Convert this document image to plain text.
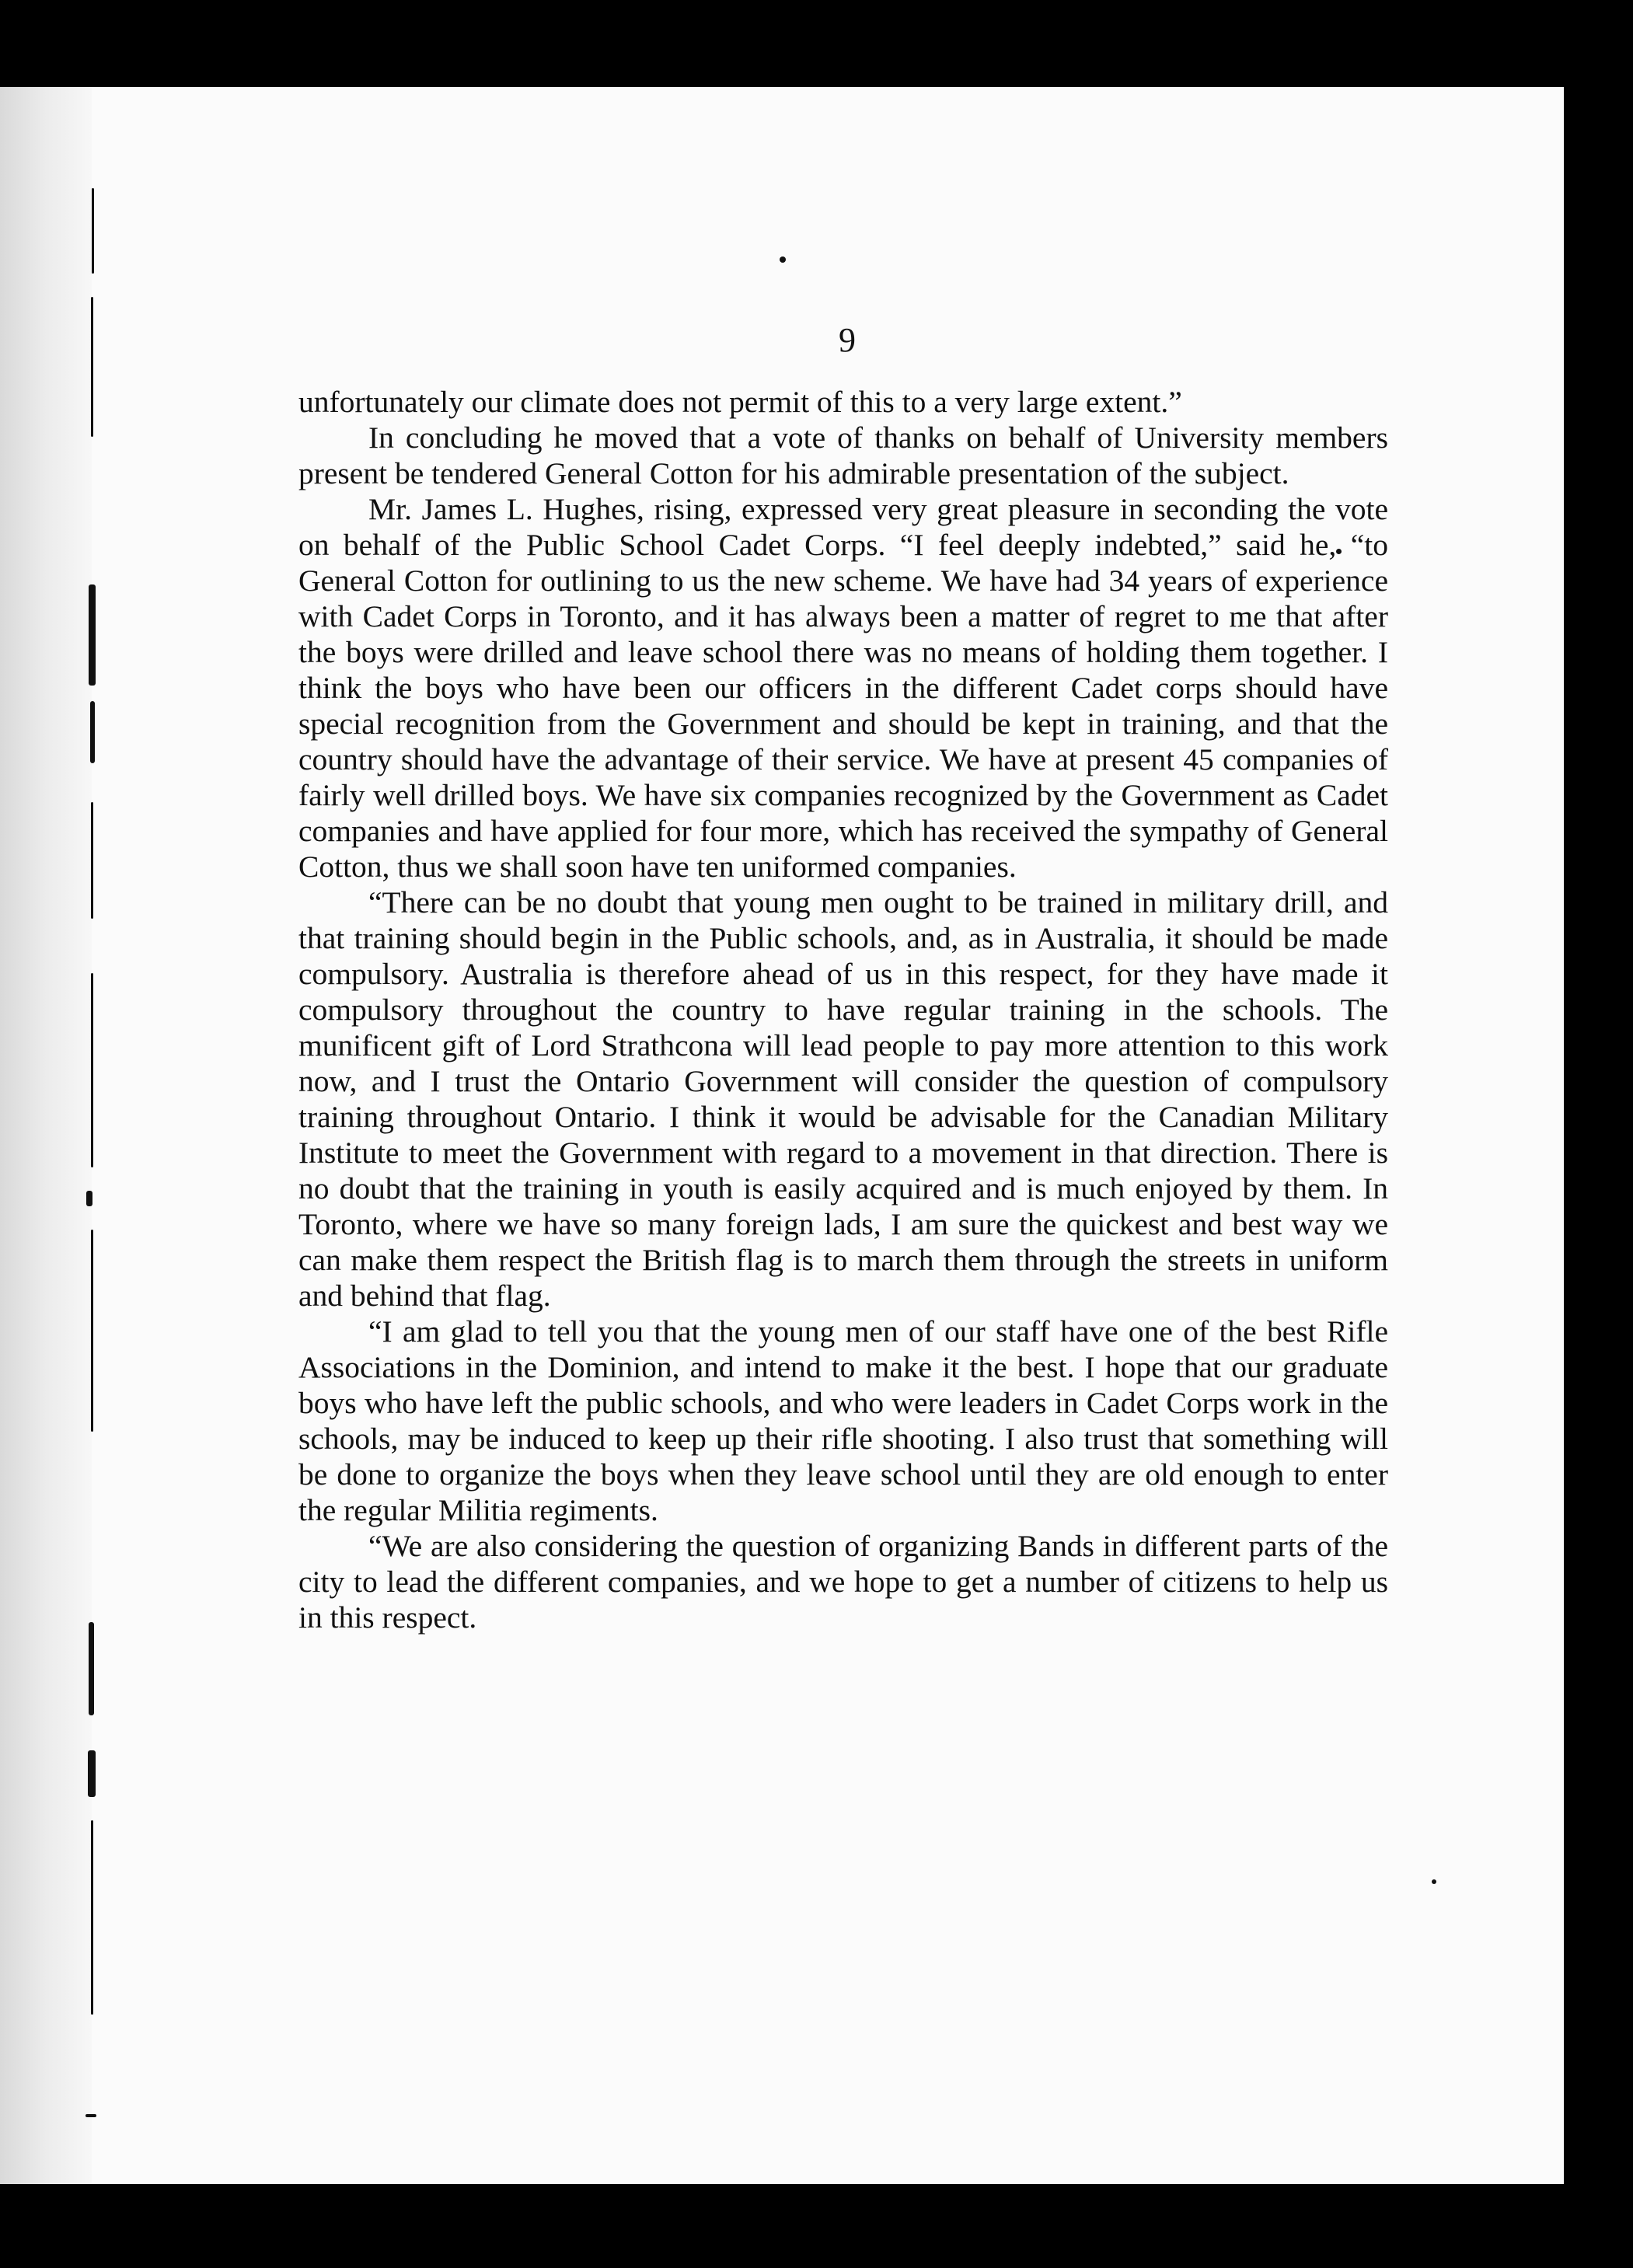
9

unfortunately our climate does not permit of this to a very large extent.”

In concluding he moved that a vote of thanks on behalf of University members present be tendered General Cotton for his admirable presentation of the subject.

Mr. James L. Hughes, rising, expressed very great pleasure in seconding the vote on behalf of the Public School Cadet Corps. “I feel deeply indebted,” said he, “to General Cotton for outlining to us the new scheme. We have had 34 years of experience with Cadet Corps in Toronto, and it has always been a matter of regret to me that after the boys were drilled and leave school there was no means of holding them together. I think the boys who have been our officers in the different Cadet corps should have special recognition from the Government and should be kept in training, and that the country should have the advantage of their service. We have at present 45 companies of fairly well drilled boys. We have six companies recognized by the Government as Cadet companies and have applied for four more, which has received the sympathy of General Cotton, thus we shall soon have ten uniformed companies.

“There can be no doubt that young men ought to be trained in military drill, and that training should begin in the Public schools, and, as in Australia, it should be made compulsory. Australia is therefore ahead of us in this respect, for they have made it compulsory throughout the country to have regular training in the schools. The munificent gift of Lord Strathcona will lead people to pay more attention to this work now, and I trust the Ontario Government will consider the question of compulsory training throughout Ontario. I think it would be advisable for the Canadian Military Institute to meet the Government with regard to a movement in that direction. There is no doubt that the training in youth is easily acquired and is much enjoyed by them. In Toronto, where we have so many foreign lads, I am sure the quickest and best way we can make them respect the British flag is to march them through the streets in uniform and behind that flag.

“I am glad to tell you that the young men of our staff have one of the best Rifle Associations in the Dominion, and intend to make it the best. I hope that our graduate boys who have left the public schools, and who were leaders in Cadet Corps work in the schools, may be induced to keep up their rifle shooting. I also trust that something will be done to organize the boys when they leave school until they are old enough to enter the regular Militia regiments.

“We are also considering the question of organizing Bands in different parts of the city to lead the different companies, and we hope to get a number of citizens to help us in this respect.
